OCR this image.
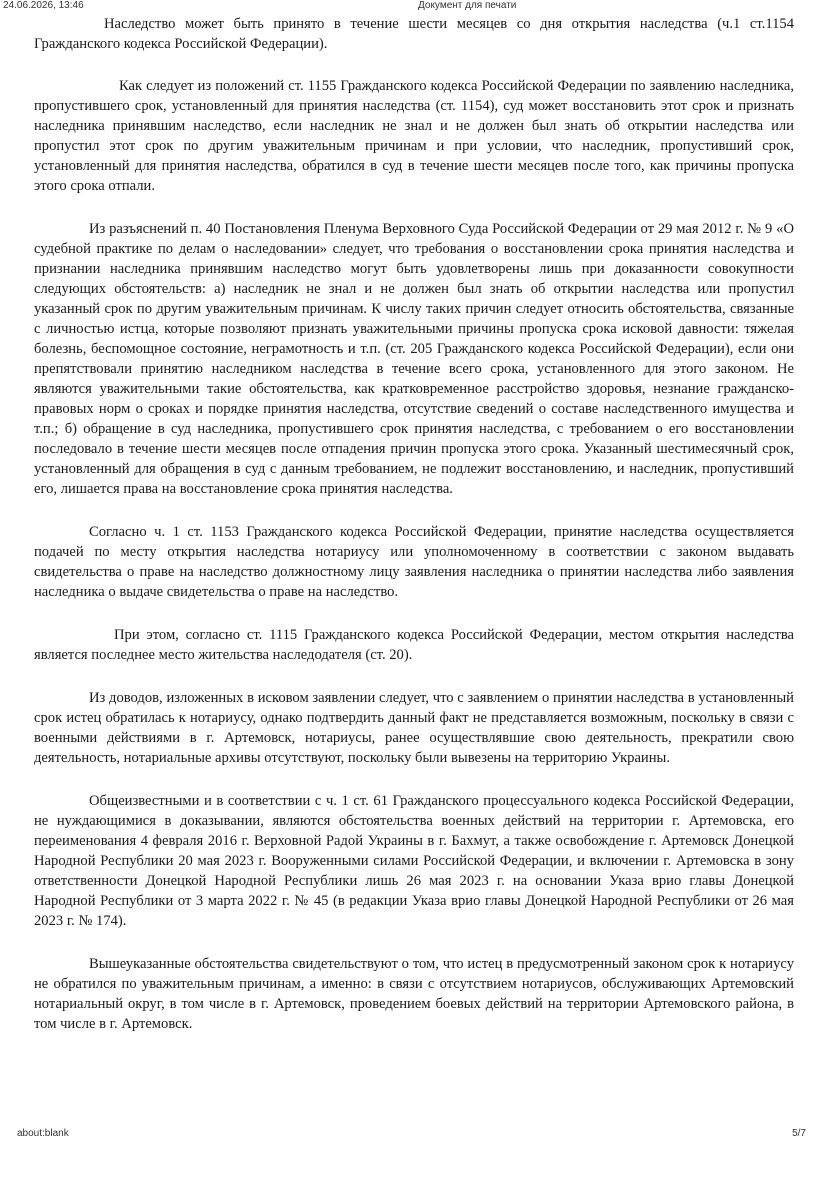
24.06.2026, 13:46	Документ для печати

Наследство может быть принято в течение шести месяцев со дня открытия наследства (ч.1 ст.1154 Гражданского кодекса Российской Федерации).

Как следует из положений ст. 1155 Гражданского кодекса Российской Федерации по заявлению наследника, пропустившего срок, установленный для принятия наследства (ст. 1154), суд может восстановить этот срок и признать наследника принявшим наследство, если наследник не знал и не должен был знать об открытии наследства или пропустил этот срок по другим уважительным причинам и при условии, что наследник, пропустивший срок, установленный для принятия наследства, обратился в суд в течение шести месяцев после того, как причины пропуска этого срока отпали.

Из разъяснений п. 40 Постановления Пленума Верховного Суда Российской Федерации от 29 мая 2012 г. № 9 «О судебной практике по делам о наследовании» следует, что требования о восстановлении срока принятия наследства и признании наследника принявшим наследство могут быть удовлетворены лишь при доказанности совокупности следующих обстоятельств: а) наследник не знал и не должен был знать об открытии наследства или пропустил указанный срок по другим уважительным причинам. К числу таких причин следует относить обстоятельства, связанные с личностью истца, которые позволяют признать уважительными причины пропуска срока исковой давности: тяжелая болезнь, беспомощное состояние, неграмотность и т.п. (ст. 205 Гражданского кодекса Российской Федерации), если они препятствовали принятию наследником наследства в течение всего срока, установленного для этого законом. Не являются уважительными такие обстоятельства, как кратковременное расстройство здоровья, незнание гражданско-правовых норм о сроках и порядке принятия наследства, отсутствие сведений о составе наследственного имущества и т.п.; б) обращение в суд наследника, пропустившего срок принятия наследства, с требованием о его восстановлении последовало в течение шести месяцев после отпадения причин пропуска этого срока. Указанный шестимесячный срок, установленный для обращения в суд с данным требованием, не подлежит восстановлению, и наследник, пропустивший его, лишается права на восстановление срока принятия наследства.

Согласно ч. 1 ст. 1153 Гражданского кодекса Российской Федерации, принятие наследства осуществляется подачей по месту открытия наследства нотариусу или уполномоченному в соответствии с законом выдавать свидетельства о праве на наследство должностному лицу заявления наследника о принятии наследства либо заявления наследника о выдаче свидетельства о праве на наследство.

При этом, согласно ст. 1115 Гражданского кодекса Российской Федерации, местом открытия наследства является последнее место жительства наследодателя (ст. 20).

Из доводов, изложенных в исковом заявлении следует, что с заявлением о принятии наследства в установленный срок истец обратилась к нотариусу, однако подтвердить данный факт не представляется возможным, поскольку в связи с военными действиями в г. Артемовск, нотариусы, ранее осуществлявшие свою деятельность, прекратили свою деятельность, нотариальные архивы отсутствуют, поскольку были вывезены на территорию Украины.

Общеизвестными и в соответствии с ч. 1 ст. 61 Гражданского процессуального кодекса Российской Федерации, не нуждающимися в доказывании, являются обстоятельства военных действий на территории г. Артемовска, его переименования 4 февраля 2016 г. Верховной Радой Украины в г. Бахмут, а также освобождение г. Артемовск Донецкой Народной Республики 20 мая 2023 г. Вооруженными силами Российской Федерации, и включении г. Артемовска в зону ответственности Донецкой Народной Республики лишь 26 мая 2023 г. на основании Указа врио главы Донецкой Народной Республики от 3 марта 2022 г. № 45 (в редакции Указа врио главы Донецкой Народной Республики от 26 мая 2023 г. № 174).

Вышеуказанные обстоятельства свидетельствуют о том, что истец в предусмотренный законом срок к нотариусу не обратился по уважительным причинам, а именно: в связи с отсутствием нотариусов, обслуживающих Артемовский нотариальный округ, в том числе в г. Артемовск, проведением боевых действий на территории Артемовского района, в том числе в г. Артемовск.

about:blank	5/7
